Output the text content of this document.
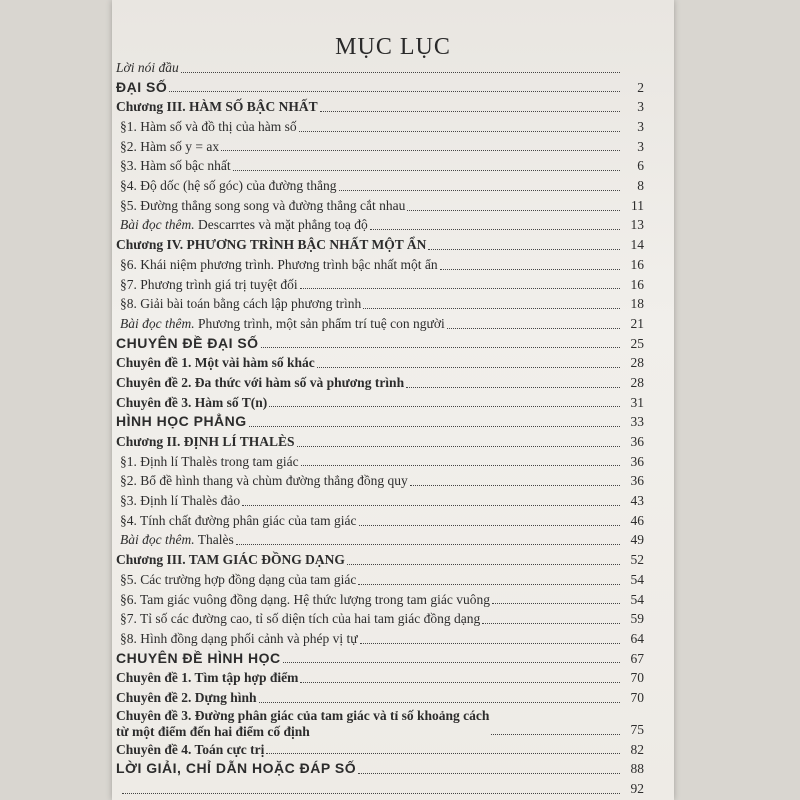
MỤC LỤC
Lời nói đầu
ĐẠI SỐ	2
Chương III. HÀM SỐ BẬC NHẤT	3
§1. Hàm số và đồ thị của hàm số	3
§2. Hàm số y = ax	3
§3. Hàm số bậc nhất	6
§4. Độ dốc (hệ số góc) của đường thẳng	8
§5. Đường thẳng song song và đường thẳng cắt nhau	11
Bài đọc thêm. Descarrtes và mặt phẳng toạ độ	13
Chương IV. PHƯƠNG TRÌNH BẬC NHẤT MỘT ẨN	14
§6. Khái niệm phương trình. Phương trình bậc nhất một ẩn	16
§7. Phương trình giá trị tuyệt đối	16
§8. Giải bài toán bằng cách lập phương trình	18
Bài đọc thêm. Phương trình, một sản phẩm trí tuệ con người	21
CHUYÊN ĐỀ ĐẠI SỐ	25
Chuyên đề 1. Một vài hàm số khác	28
Chuyên đề 2. Đa thức với hàm số và phương trình	28
Chuyên đề 3. Hàm số T(n)	31
HÌNH HỌC PHẲNG	33
Chương II. ĐỊNH LÍ THALÈS	36
§1. Định lí Thalès trong tam giác	36
§2. Bổ đề hình thang và chùm đường thẳng đồng quy	36
§3. Định lí Thalès đảo	43
§4. Tính chất đường phân giác của tam giác	46
Bài đọc thêm. Thalès	49
Chương III. TAM GIÁC ĐỒNG DẠNG	52
§5. Các trường hợp đồng dạng của tam giác	54
§6. Tam giác vuông đồng dạng. Hệ thức lượng trong tam giác vuông	54
§7. Tỉ số các đường cao, tỉ số diện tích của hai tam giác đồng dạng	59
§8. Hình đồng dạng phối cảnh và phép vị tự	64
CHUYÊN ĐỀ HÌNH HỌC	67
Chuyên đề 1. Tìm tập hợp điểm	70
Chuyên đề 2. Dựng hình	70
Chuyên đề 3. Đường phân giác của tam giác và tỉ số khoảng cách
từ một điểm đến hai điểm cố định	75
Chuyên đề 4. Toán cực trị	82
LỜI GIẢI, CHỈ DẪN HOẶC ĐÁP SỐ	88
92
